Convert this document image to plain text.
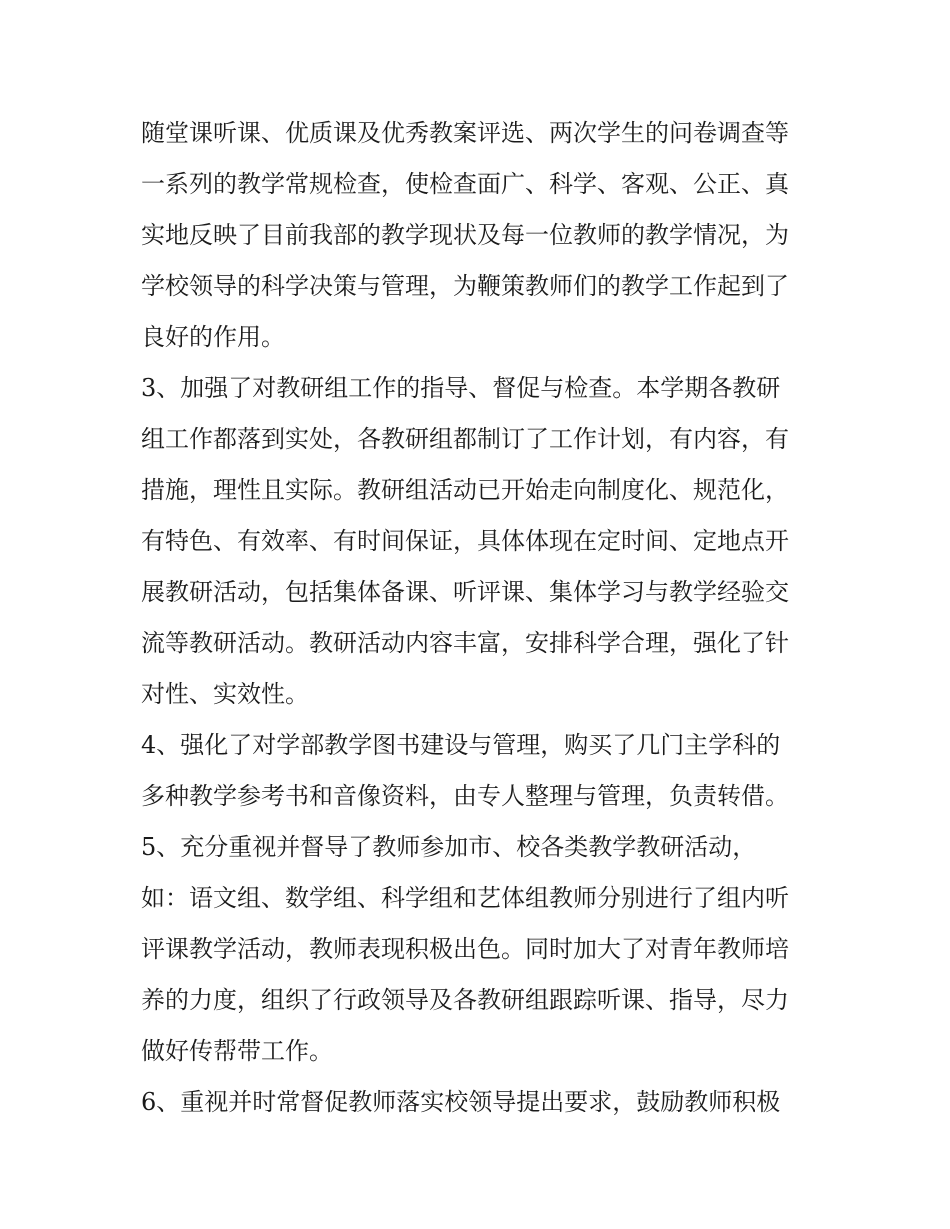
随堂课听课、优质课及优秀教案评选、两次学生的问卷调查等
一系列的教学常规检查，使检查面广、科学、客观、公正、真
实地反映了目前我部的教学现状及每一位教师的教学情况，为
学校领导的科学决策与管理，为鞭策教师们的教学工作起到了
良好的作用。
3、加强了对教研组工作的指导、督促与检查。本学期各教研
组工作都落到实处，各教研组都制订了工作计划，有内容，有
措施，理性且实际。教研组活动已开始走向制度化、规范化，
有特色、有效率、有时间保证，具体体现在定时间、定地点开
展教研活动，包括集体备课、听评课、集体学习与教学经验交
流等教研活动。教研活动内容丰富，安排科学合理，强化了针
对性、实效性。
4、强化了对学部教学图书建设与管理，购买了几门主学科的
多种教学参考书和音像资料，由专人整理与管理，负责转借。
5、充分重视并督导了教师参加市、校各类教学教研活动，
如：语文组、数学组、科学组和艺体组教师分别进行了组内听
评课教学活动，教师表现积极出色。同时加大了对青年教师培
养的力度，组织了行政领导及各教研组跟踪听课、指导，尽力
做好传帮带工作。
6、重视并时常督促教师落实校领导提出要求，鼓励教师积极
